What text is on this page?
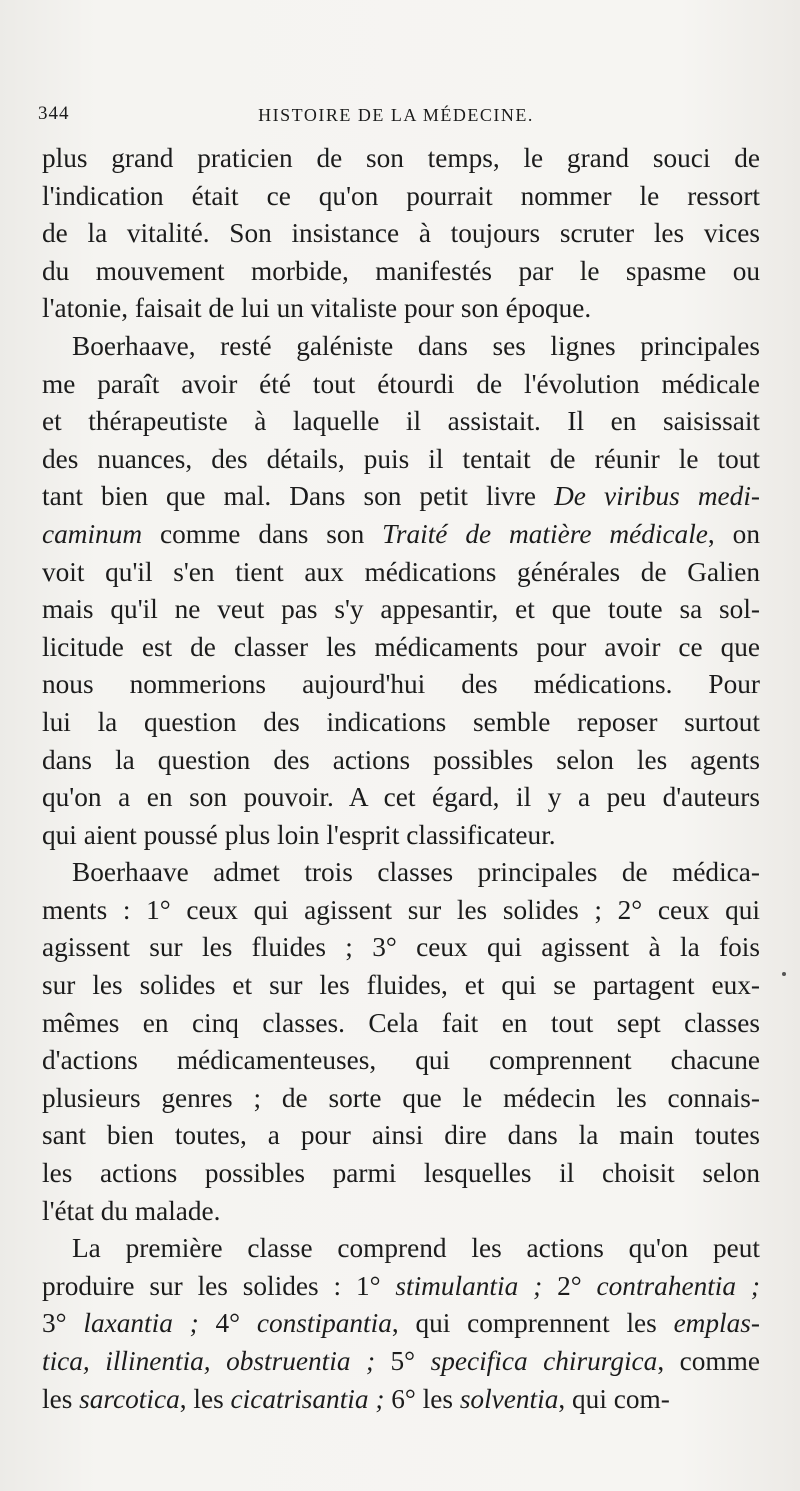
344	HISTOIRE DE LA MÉDECINE.

plus grand praticien de son temps, le grand souci de
l'indication était ce qu'on pourrait nommer le ressort
de la vitalité. Son insistance à toujours scruter les vices
du mouvement morbide, manifestés par le spasme ou
l'atonie, faisait de lui un vitaliste pour son époque.

Boerhaave, resté galéniste dans ses lignes principales
me paraît avoir été tout étourdi de l'évolution médicale
et thérapeutiste à laquelle il assistait. Il en saisissait
des nuances, des détails, puis il tentait de réunir le tout
tant bien que mal. Dans son petit livre De viribus medi-
caminum comme dans son Traité de matière médicale, on
voit qu'il s'en tient aux médications générales de Galien
mais qu'il ne veut pas s'y appesantir, et que toute sa sol-
licitude est de classer les médicaments pour avoir ce que
nous nommerions aujourd'hui des médications. Pour
lui la question des indications semble reposer surtout
dans la question des actions possibles selon les agents
qu'on a en son pouvoir. A cet égard, il y a peu d'auteurs
qui aient poussé plus loin l'esprit classificateur.

Boerhaave admet trois classes principales de médica-
ments : 1° ceux qui agissent sur les solides ; 2° ceux qui
agissent sur les fluides ; 3° ceux qui agissent à la fois
sur les solides et sur les fluides, et qui se partagent eux-
mêmes en cinq classes. Cela fait en tout sept classes
d'actions médicamenteuses, qui comprennent chacune
plusieurs genres ; de sorte que le médecin les connais-
sant bien toutes, a pour ainsi dire dans la main toutes
les actions possibles parmi lesquelles il choisit selon
l'état du malade.

La première classe comprend les actions qu'on peut
produire sur les solides : 1° stimulantia ; 2° contrahentia ;
3° laxantia ; 4° constipantia, qui comprennent les emplas-
tica, illinentia, obstruentia ; 5° specifica chirurgica, comme
les sarcotica, les cicatrisantia ; 6° les solventia, qui com-
